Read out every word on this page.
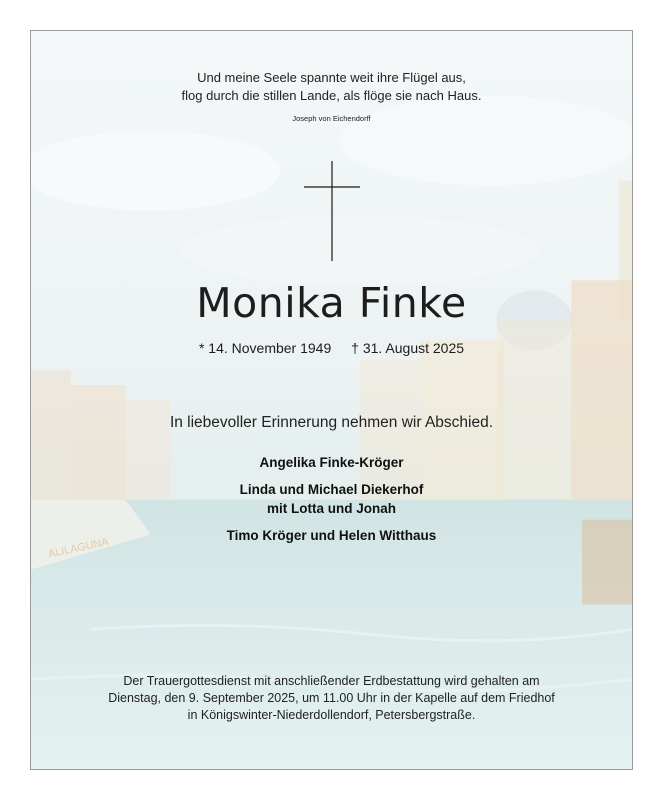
ALILAGUNA
Und meine Seele spannte weit ihre Flügel aus,
flog durch die stillen Lande, als flöge sie nach Haus.
Joseph von Eichendorff
Monika Finke
* 14. November 1949 † 31. August 2025
In liebevoller Erinnerung nehmen wir Abschied.
Angelika Finke-Kröger
Linda und Michael Diekerhof
mit Lotta und Jonah
Timo Kröger und Helen Witthaus
Der Trauergottesdienst mit anschließender Erdbestattung wird gehalten am
Dienstag, den 9. September 2025, um 11.00 Uhr in der Kapelle auf dem Friedhof
in Königswinter-Niederdollendorf, Petersbergstraße.
